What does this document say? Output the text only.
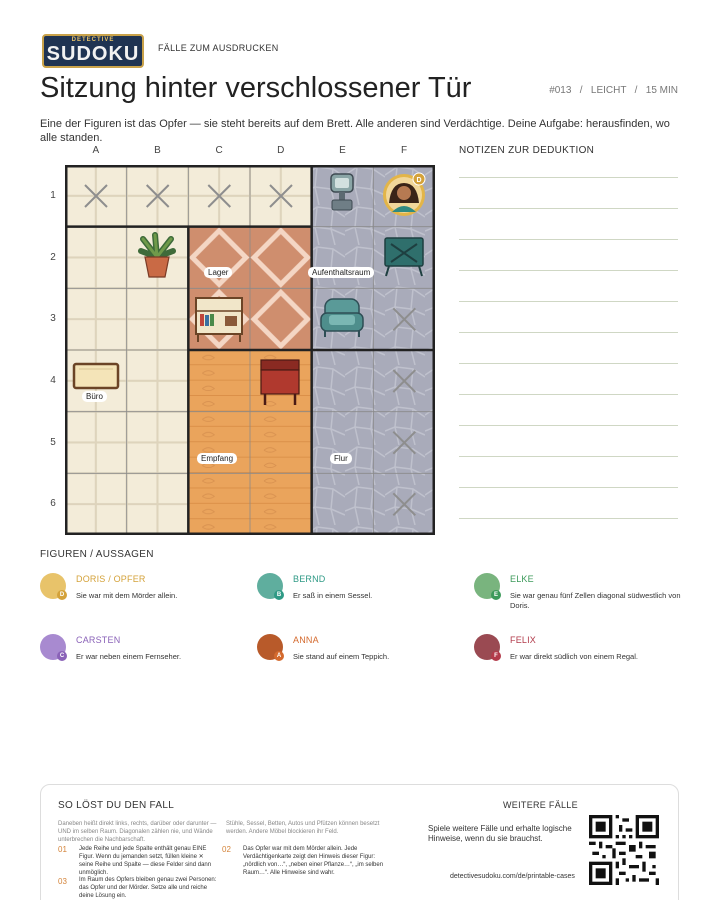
DETECTIVE
SUDOKU FÄLLE ZUM AUSDRUCKEN
Sitzung hinter verschlossener Tür	#013 / LEICHT / 15 MIN
Eine der Figuren ist das Opfer — sie steht bereits auf dem Brett. Alle anderen sind Verdächtige. Deine Aufgabe: herausfinden, wo alle standen.
A	B	C	D	E	F
1
2
3
4
5
6
D
Lager	Aufenthaltsraum
Büro
Empfang	Flur
NOTIZEN ZUR DEDUKTION
FIGUREN / AUSSAGEN
D
DORIS / OPFER
Sie war mit dem Mörder allein.	B
BERND
Er saß in einem Sessel.	E
ELKE
Sie war genau fünf Zellen diagonal südwestlich von Doris.
C
CARSTEN
Er war neben einem Fernseher.	A
ANNA
Sie stand auf einem Teppich.	F
FELIX
Er war direkt südlich von einem Regal.
SO LÖST DU DEN FALL
Daneben heißt direkt links, rechts, darüber oder darunter — UND im selben Raum. Diagonalen zählen nie, und Wände unterbrechen die Nachbarschaft.
Stühle, Sessel, Betten, Autos und Pfützen können besetzt werden. Andere Möbel blockieren ihr Feld.
01 Jede Reihe und jede Spalte enthält genau EINE Figur. Wenn du jemanden setzt, füllen kleine ✕ seine Reihe und Spalte — diese Felder sind dann unmöglich.
02 Das Opfer war mit dem Mörder allein. Jede Verdächtigenkarte zeigt den Hinweis dieser Figur: „nördlich von…“, „neben einer Pflanze…“, „im selben Raum…“. Alle Hinweise sind wahr.
03 Im Raum des Opfers bleiben genau zwei Personen: das Opfer und der Mörder. Setze alle und reiche deine Lösung ein.
WEITERE FÄLLE
Spiele weitere Fälle und erhalte logische Hinweise, wenn du sie brauchst.
detectivesudoku.com/de/printable-cases
